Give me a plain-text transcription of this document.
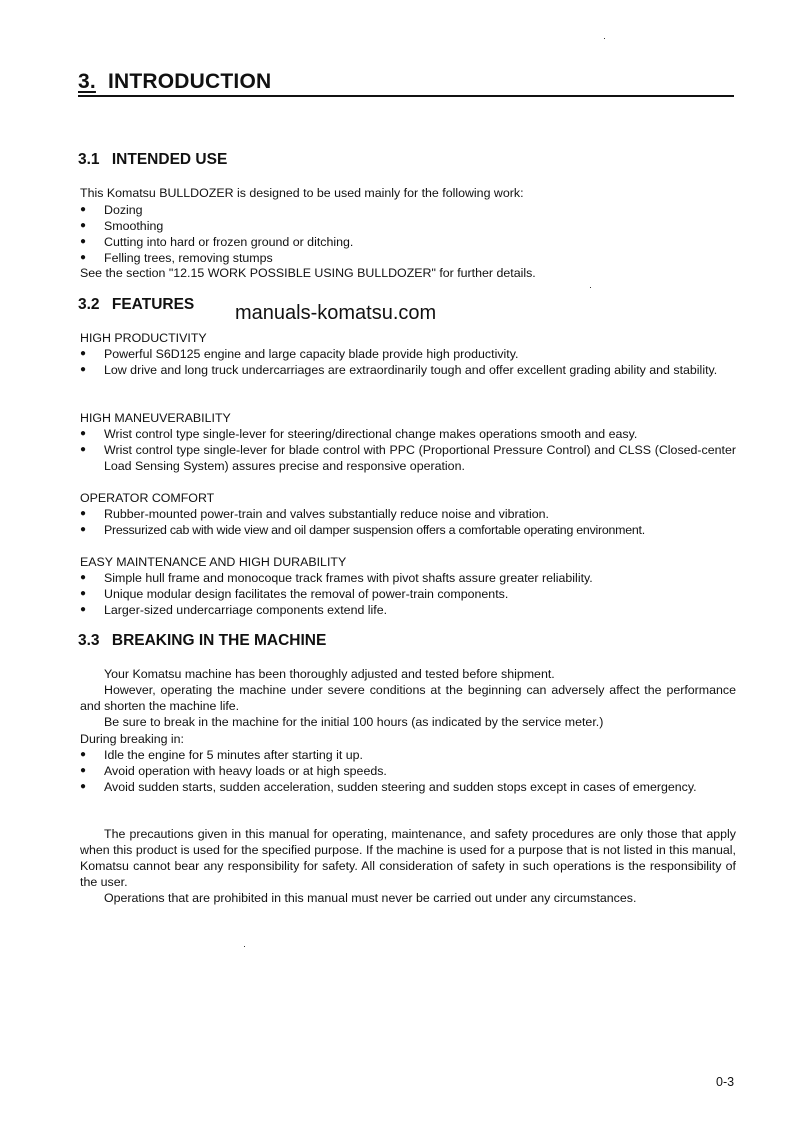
3. INTRODUCTION
3.1 INTENDED USE
This Komatsu BULLDOZER is designed to be used mainly for the following work:
● Dozing
● Smoothing
● Cutting into hard or frozen ground or ditching.
● Felling trees, removing stumps
See the section "12.15 WORK POSSIBLE USING BULLDOZER" for further details.
3.2 FEATURES manuals-komatsu.com
HIGH PRODUCTIVITY
● Powerful S6D125 engine and large capacity blade provide high productivity.
● Low drive and long truck undercarriages are extraordinarily tough and offer excellent grading ability and stability.
HIGH MANEUVERABILITY
● Wrist control type single-lever for steering/directional change makes operations smooth and easy.
● Wrist control type single-lever for blade control with PPC (Proportional Pressure Control) and CLSS (Closed-center Load Sensing System) assures precise and responsive operation.
OPERATOR COMFORT
● Rubber-mounted power-train and valves substantially reduce noise and vibration.
● Pressurized cab with wide view and oil damper suspension offers a comfortable operating environment.
EASY MAINTENANCE AND HIGH DURABILITY
● Simple hull frame and monocoque track frames with pivot shafts assure greater reliability.
● Unique modular design facilitates the removal of power-train components.
● Larger-sized undercarriage components extend life.
3.3 BREAKING IN THE MACHINE
Your Komatsu machine has been thoroughly adjusted and tested before shipment.
However, operating the machine under severe conditions at the beginning can adversely affect the performance and shorten the machine life.
Be sure to break in the machine for the initial 100 hours (as indicated by the service meter.)
During breaking in:
● Idle the engine for 5 minutes after starting it up.
● Avoid operation with heavy loads or at high speeds.
● Avoid sudden starts, sudden acceleration, sudden steering and sudden stops except in cases of emergency.
The precautions given in this manual for operating, maintenance, and safety procedures are only those that apply when this product is used for the specified purpose. If the machine is used for a purpose that is not listed in this manual, Komatsu cannot bear any responsibility for safety. All consideration of safety in such operations is the responsibility of the user.
Operations that are prohibited in this manual must never be carried out under any circumstances.
0-3
